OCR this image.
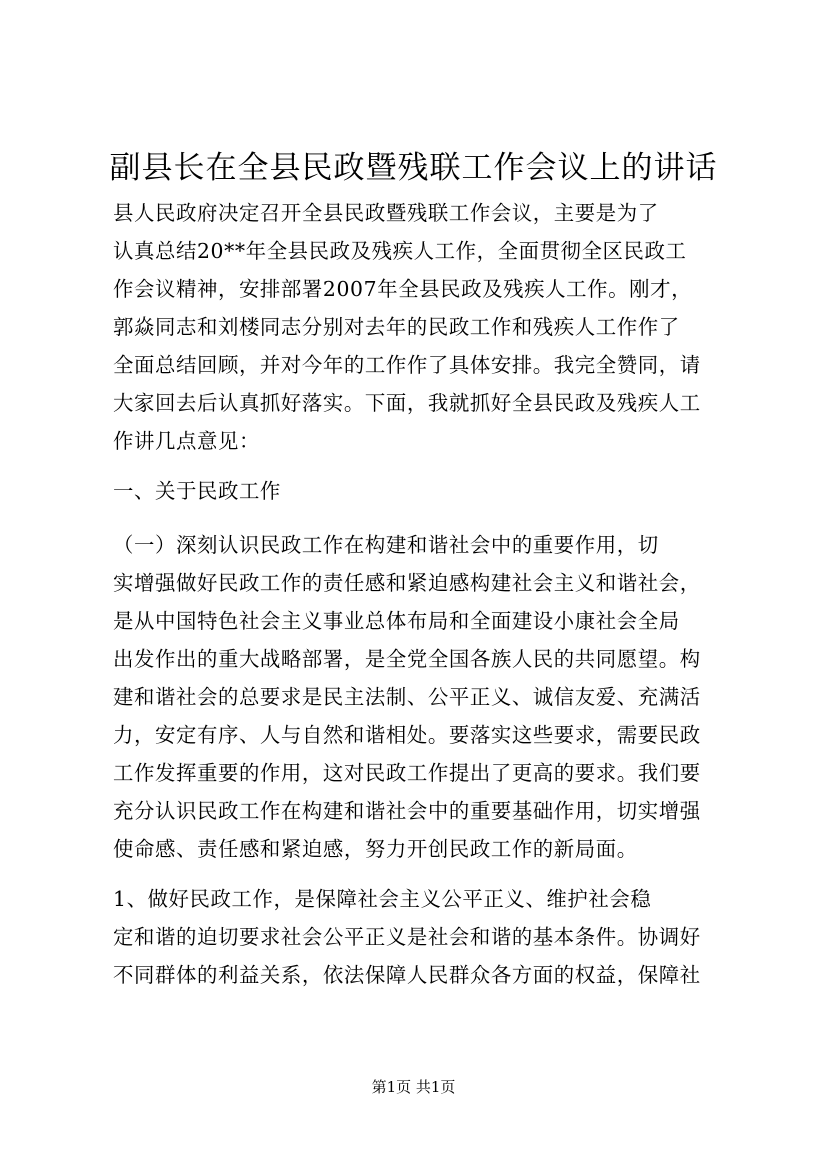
副县长在全县民政暨残联工作会议上的讲话
县人民政府决定召开全县民政暨残联工作会议，主要是为了
认真总结20**年全县民政及残疾人工作，全面贯彻全区民政工
作会议精神，安排部署2007年全县民政及残疾人工作。刚才，
郭焱同志和刘楼同志分别对去年的民政工作和残疾人工作作了
全面总结回顾，并对今年的工作作了具体安排。我完全赞同，请
大家回去后认真抓好落实。下面，我就抓好全县民政及残疾人工
作讲几点意见：
一、关于民政工作
（一）深刻认识民政工作在构建和谐社会中的重要作用，切
实增强做好民政工作的责任感和紧迫感构建社会主义和谐社会，
是从中国特色社会主义事业总体布局和全面建设小康社会全局
出发作出的重大战略部署，是全党全国各族人民的共同愿望。构
建和谐社会的总要求是民主法制、公平正义、诚信友爱、充满活
力，安定有序、人与自然和谐相处。要落实这些要求，需要民政
工作发挥重要的作用，这对民政工作提出了更高的要求。我们要
充分认识民政工作在构建和谐社会中的重要基础作用，切实增强
使命感、责任感和紧迫感，努力开创民政工作的新局面。
1、做好民政工作，是保障社会主义公平正义、维护社会稳
定和谐的迫切要求社会公平正义是社会和谐的基本条件。协调好
不同群体的利益关系，依法保障人民群众各方面的权益，保障社
第1页 共1页
